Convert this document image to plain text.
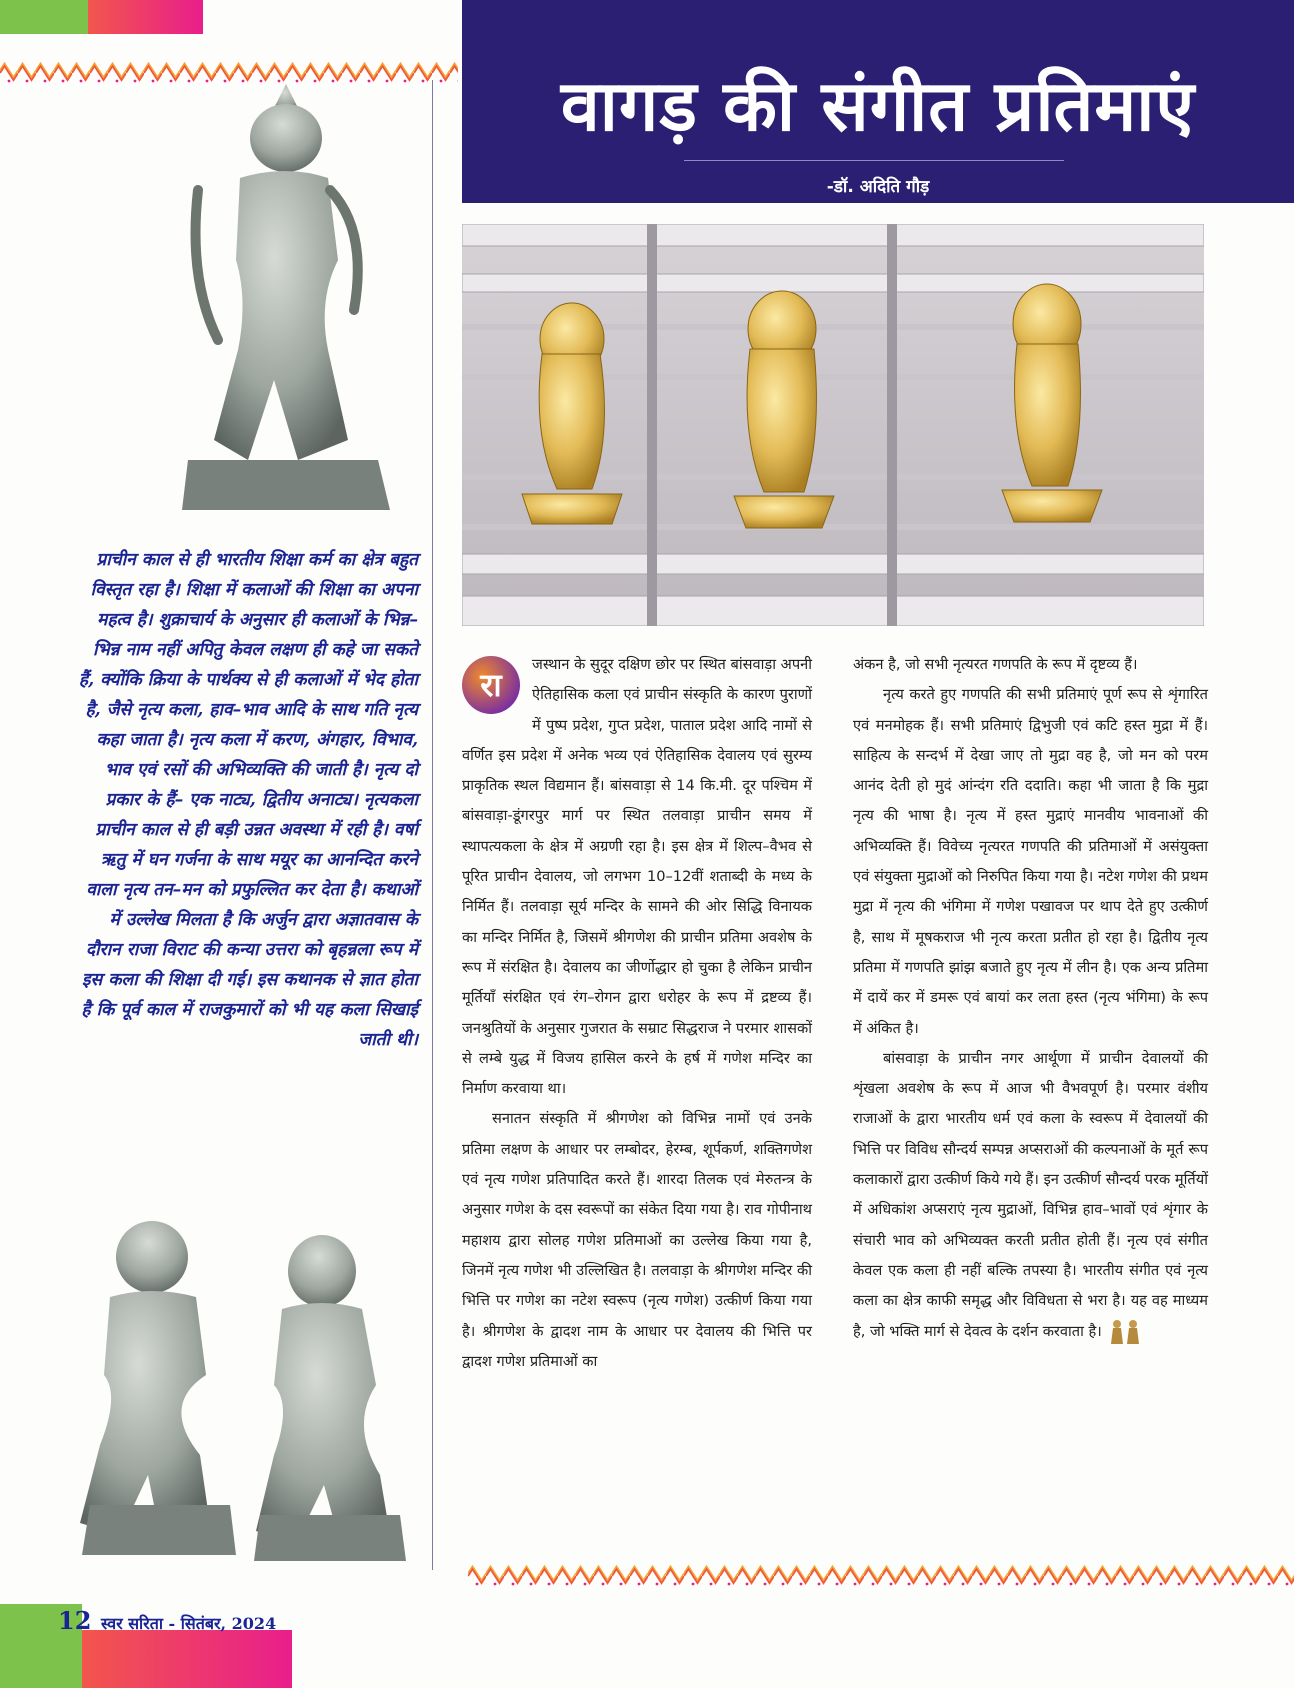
वागड़ की संगीत प्रतिमाएं
-डॉ. अदिति गौड़
प्राचीन काल से ही भारतीय शिक्षा कर्म का क्षेत्र बहुत विस्तृत रहा है। शिक्षा में कलाओं की शिक्षा का अपना महत्व है। शुक्राचार्य के अनुसार ही कलाओं के भिन्न–भिन्न नाम नहीं अपितु केवल लक्षण ही कहे जा सकते हैं, क्योंकि क्रिया के पार्थक्य से ही कलाओं में भेद होता है, जैसे नृत्य कला, हाव–भाव आदि के साथ गति नृत्य कहा जाता है। नृत्य कला में करण, अंगहार, विभाव, भाव एवं रसों की अभिव्यक्ति की जाती है। नृत्य दो प्रकार के हैं– एक नाट्य, द्वितीय अनाट्य। नृत्यकला प्राचीन काल से ही बड़ी उन्नत अवस्था में रही है। वर्षा ऋतु में घन गर्जना के साथ मयूर का आनन्दित करने वाला नृत्य तन–मन को प्रफुल्लित कर देता है। कथाओं में उल्लेख मिलता है कि अर्जुन द्वारा अज्ञातवास के दौरान राजा विराट की कन्या उत्तरा को बृहन्नला रूप में इस कला की शिक्षा दी गई। इस कथानक से ज्ञात होता है कि पूर्व काल में राजकुमारों को भी यह कला सिखाई जाती थी।
रा

जस्थान के सुदूर दक्षिण छोर पर स्थित बांसवाड़ा अपनी ऐतिहासिक कला एवं प्राचीन संस्कृति के कारण पुराणों में पुष्प प्रदेश, गुप्त प्रदेश, पाताल प्रदेश आदि नामों से वर्णित इस प्रदेश में अनेक भव्य एवं ऐतिहासिक देवालय एवं सुरम्य प्राकृतिक स्थल विद्यमान हैं। बांसवाड़ा से 14 कि.मी. दूर पश्चिम में बांसवाड़ा-डूंगरपुर मार्ग पर स्थित तलवाड़ा प्राचीन समय में स्थापत्यकला के क्षेत्र में अग्रणी रहा है। इस क्षेत्र में शिल्प–वैभव से पूरित प्राचीन देवालय, जो लगभग 10–12वीं शताब्दी के मध्य के निर्मित हैं। तलवाड़ा सूर्य मन्दिर के सामने की ओर सिद्धि विनायक का मन्दिर निर्मित है, जिसमें श्रीगणेश की प्राचीन प्रतिमा अवशेष के रूप में संरक्षित है। देवालय का जीर्णोद्धार हो चुका है लेकिन प्राचीन मूर्तियाँ संरक्षित एवं रंग–रोगन द्वारा धरोहर के रूप में द्रष्टव्य हैं। जनश्रुतियों के अनुसार गुजरात के सम्राट सिद्धराज ने परमार शासकों से लम्बे युद्ध में विजय हासिल करने के हर्ष में गणेश मन्दिर का निर्माण करवाया था।

सनातन संस्कृति में श्रीगणेश को विभिन्न नामों एवं उनके प्रतिमा लक्षण के आधार पर लम्बोदर, हेरम्ब, शूर्पकर्ण, शक्तिगणेश एवं नृत्य गणेश प्रतिपादित करते हैं। शारदा तिलक एवं मेरुतन्त्र के अनुसार गणेश के दस स्वरूपों का संकेत दिया गया है। राव गोपीनाथ महाशय द्वारा सोलह गणेश प्रतिमाओं का उल्लेख किया गया है, जिनमें नृत्य गणेश भी उल्लिखित है। तलवाड़ा के श्रीगणेश मन्दिर की भित्ति पर गणेश का नटेश स्वरूप (नृत्य गणेश) उत्कीर्ण किया गया है। श्रीगणेश के द्वादश नाम के आधार पर देवालय की भित्ति पर द्वादश गणेश प्रतिमाओं का

अंकन है, जो सभी नृत्यरत गणपति के रूप में दृष्टव्य हैं।

नृत्य करते हुए गणपति की सभी प्रतिमाएं पूर्ण रूप से शृंगारित एवं मनमोहक हैं। सभी प्रतिमाएं द्विभुजी एवं कटि हस्त मुद्रा में हैं। साहित्य के सन्दर्भ में देखा जाए तो मुद्रा वह है, जो मन को परम आनंद देती हो मुदं आंन्दंग रति ददाति। कहा भी जाता है कि मुद्रा नृत्य की भाषा है। नृत्य में हस्त मुद्राएं मानवीय भावनाओं की अभिव्यक्ति हैं। विवेच्य नृत्यरत गणपति की प्रतिमाओं में असंयुक्ता एवं संयुक्ता मुद्राओं को निरुपित किया गया है। नटेश गणेश की प्रथम मुद्रा में नृत्य की भंगिमा में गणेश पखावज पर थाप देते हुए उत्कीर्ण है, साथ में मूषकराज भी नृत्य करता प्रतीत हो रहा है। द्वितीय नृत्य प्रतिमा में गणपति झांझ बजाते हुए नृत्य में लीन है। एक अन्य प्रतिमा में दायें कर में डमरू एवं बायां कर लता हस्त (नृत्य भंगिमा) के रूप में अंकित है।

बांसवाड़ा के प्राचीन नगर आर्थूणा में प्राचीन देवालयों की शृंखला अवशेष के रूप में आज भी वैभवपूर्ण है। परमार वंशीय राजाओं के द्वारा भारतीय धर्म एवं कला के स्वरूप में देवालयों की भित्ति पर विविध सौन्दर्य सम्पन्न अप्सराओं की कल्पनाओं के मूर्त रूप कलाकारों द्वारा उत्कीर्ण किये गये हैं। इन उत्कीर्ण सौन्दर्य परक मूर्तियों में अधिकांश अप्सराएं नृत्य मुद्राओं, विभिन्न हाव–भावों एवं शृंगार के संचारी भाव को अभिव्यक्त करती प्रतीत होती हैं। नृत्य एवं संगीत केवल एक कला ही नहीं बल्कि तपस्या है। भारतीय संगीत एवं नृत्य कला का क्षेत्र काफी समृद्ध और विविधता से भरा है। यह वह माध्यम है, जो भक्ति मार्ग से देवत्व के दर्शन करवाता है।

12 स्वर सरिता - सितंबर, 2024
